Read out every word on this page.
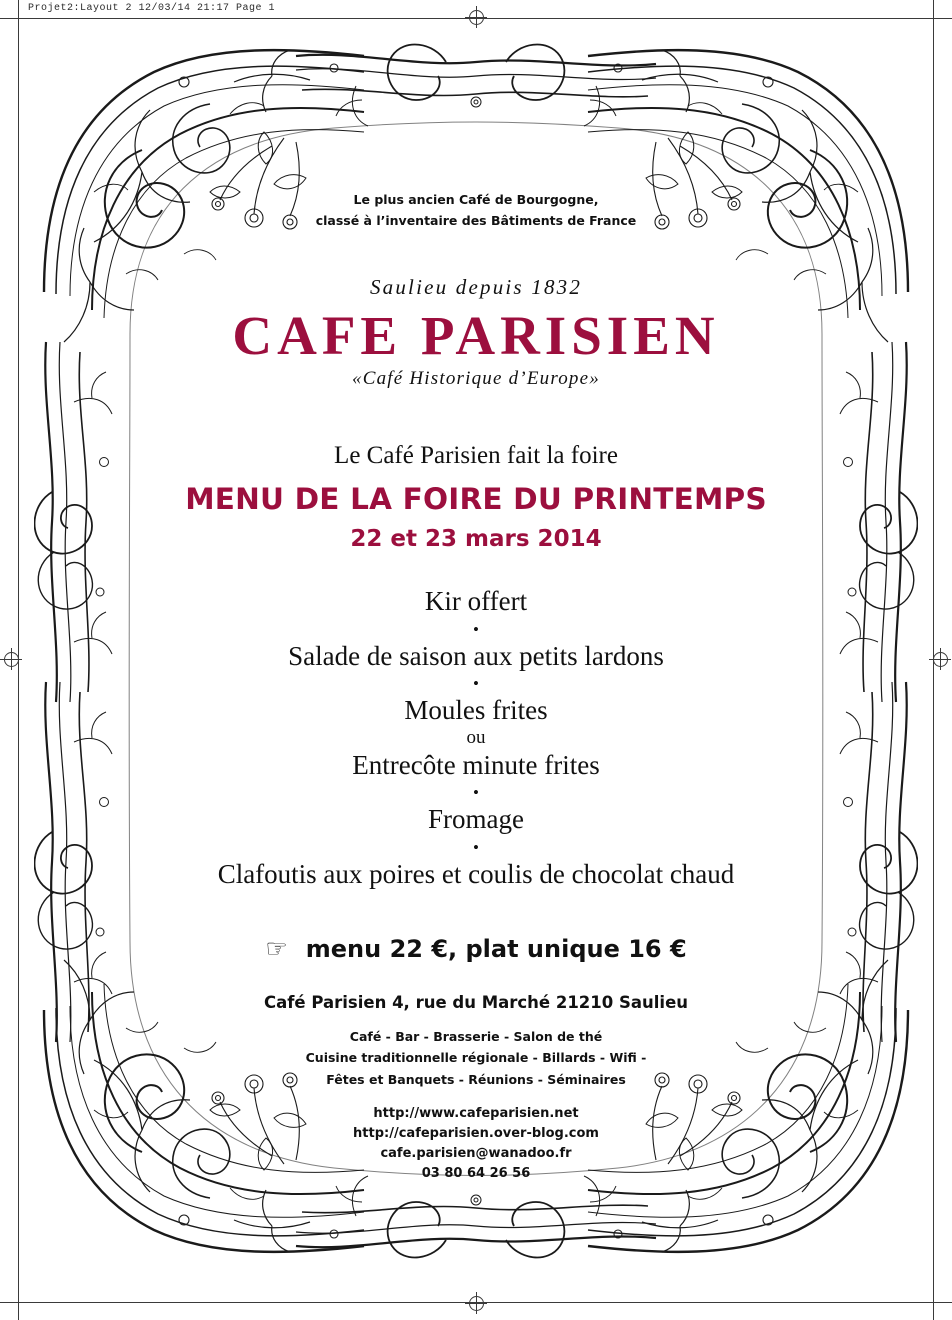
Projet2:Layout 2 12/03/14 21:17 Page 1

Le plus ancien Café de Bourgogne,
classé à l’inventaire des Bâtiments de France

Saulieu depuis 1832

CAFE PARISIEN

«Café Historique d’Europe»

Le Café Parisien fait la foire

MENU DE LA FOIRE DU PRINTEMPS

22 et 23 mars 2014

Kir offert

•

Salade de saison aux petits lardons

•

Moules frites

ou

Entrecôte minute frites

•

Fromage

•

Clafoutis aux poires et coulis de chocolat chaud

☞ menu 22 €, plat unique 16 €

Café Parisien 4, rue du Marché 21210 Saulieu

Café - Bar - Brasserie - Salon de thé
Cuisine traditionnelle régionale - Billards - Wifi -
Fêtes et Banquets - Réunions - Séminaires

http://www.cafeparisien.net
http://cafeparisien.over-blog.com
cafe.parisien@wanadoo.fr
03 80 64 26 56
